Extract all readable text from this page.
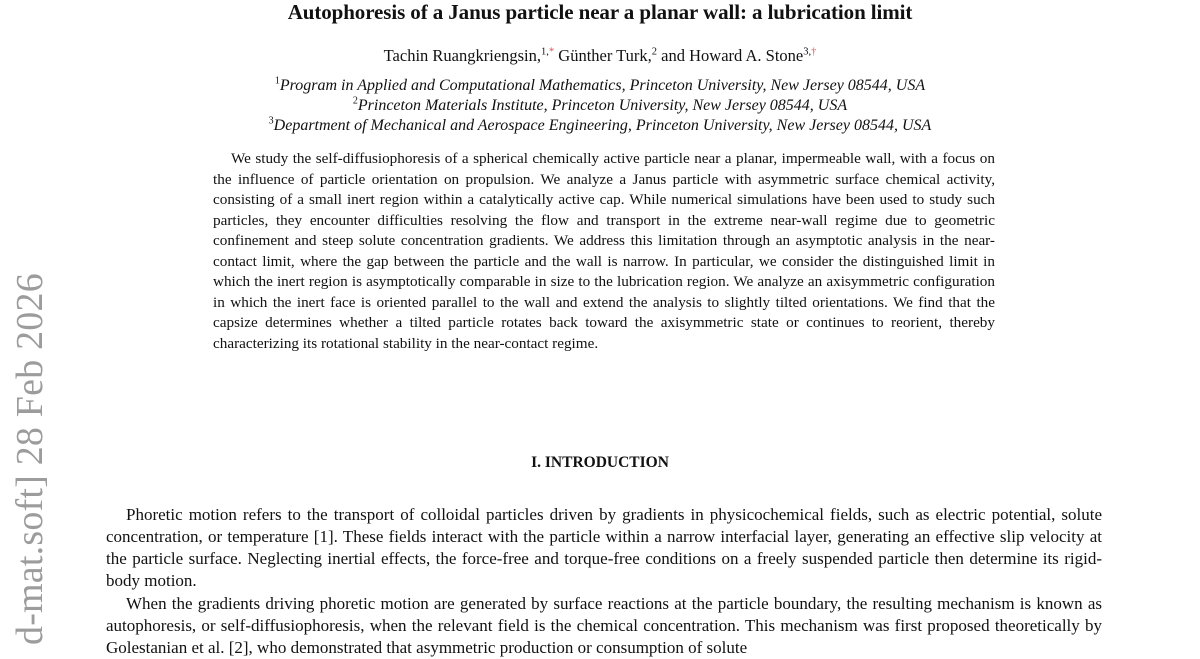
d-mat.soft] 28 Feb 2026
Autophoresis of a Janus particle near a planar wall: a lubrication limit
Tachin Ruangkriengsin,$^{1,*}$ Günther Turk,$^2$ and Howard A. Stone$^{3,\dagger}$
$^1$Program in Applied and Computational Mathematics, Princeton University, New Jersey 08544, USA
$^2$Princeton Materials Institute, Princeton University, New Jersey 08544, USA
$^3$Department of Mechanical and Aerospace Engineering, Princeton University, New Jersey 08544, USA

We study the self-diffusiophoresis of a spherical chemically active particle near a planar, impermeable wall, with a focus on the influence of particle orientation on propulsion. We analyze a Janus particle with asymmetric surface chemical activity, consisting of a small inert region within a catalytically active cap. While numerical simulations have been used to study such particles, they encounter difficulties resolving the flow and transport in the extreme near-wall regime due to geometric confinement and steep solute concentration gradients. We address this limitation through an asymptotic analysis in the near-contact limit, where the gap between the particle and the wall is narrow. In particular, we consider the distinguished limit in which the inert region is asymptotically comparable in size to the lubrication region. We analyze an axisymmetric configuration in which the inert face is oriented parallel to the wall and extend the analysis to slightly tilted orientations. We find that the capsize determines whether a tilted particle rotates back toward the axisymmetric state or continues to reorient, thereby characterizing its rotational stability in the near-contact regime.

I. INTRODUCTION

Phoretic motion refers to the transport of colloidal particles driven by gradients in physicochemical fields, such as electric potential, solute concentration, or temperature [1]. These fields interact with the particle within a narrow interfacial layer, generating an effective slip velocity at the particle surface. Neglecting inertial effects, the force-free and torque-free conditions on a freely suspended particle then determine its rigid-body motion.

When the gradients driving phoretic motion are generated by surface reactions at the particle boundary, the resulting mechanism is known as autophoresis, or self-diffusiophoresis, when the relevant field is the chemical concentration. This mechanism was first proposed theoretically by Golestanian et al. [2], who demonstrated that asymmetric production or consumption of solute
